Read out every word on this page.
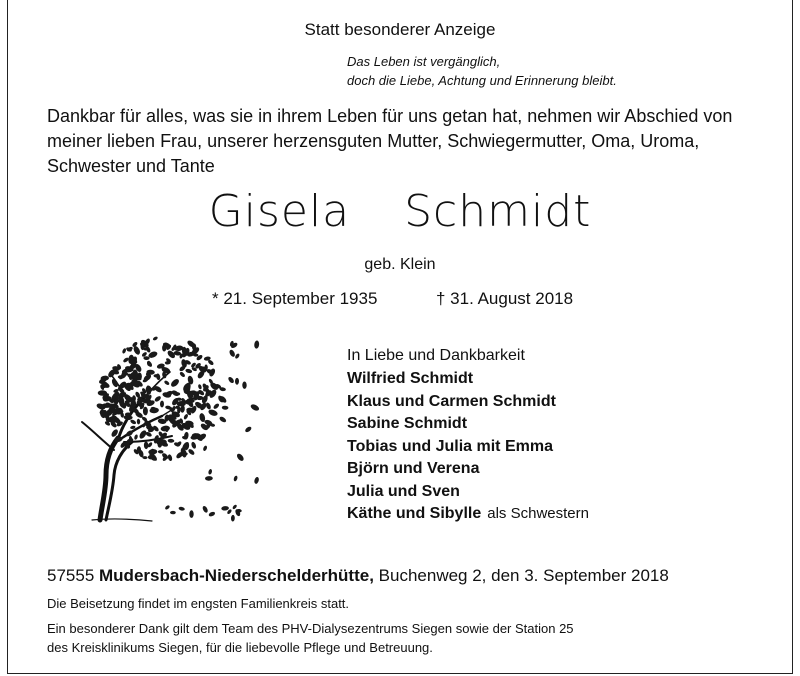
Statt besonderer Anzeige
Das Leben ist vergänglich,
doch die Liebe, Achtung und Erinnerung bleibt.
Dankbar für alles, was sie in ihrem Leben für uns getan hat, nehmen wir Abschied von
meiner lieben Frau, unserer herzensguten Mutter, Schwiegermutter, Oma, Uroma,
Schwester und Tante
Gisela  Schmidt
geb. Klein
* 21. September 1935	† 31. August 2018
In Liebe und Dankbarkeit
Wilfried Schmidt
Klaus und Carmen Schmidt
Sabine Schmidt
Tobias und Julia mit Emma
Björn und Verena
Julia und Sven
Käthe und Sibylle als Schwestern
57555 Mudersbach-Niederschelderhütte, Buchenweg 2, den 3. September 2018
Die Beisetzung findet im engsten Familienkreis statt.
Ein besonderer Dank gilt dem Team des PHV-Dialysezentrums Siegen sowie der Station 25
des Kreisklinikums Siegen, für die liebevolle Pflege und Betreuung.
